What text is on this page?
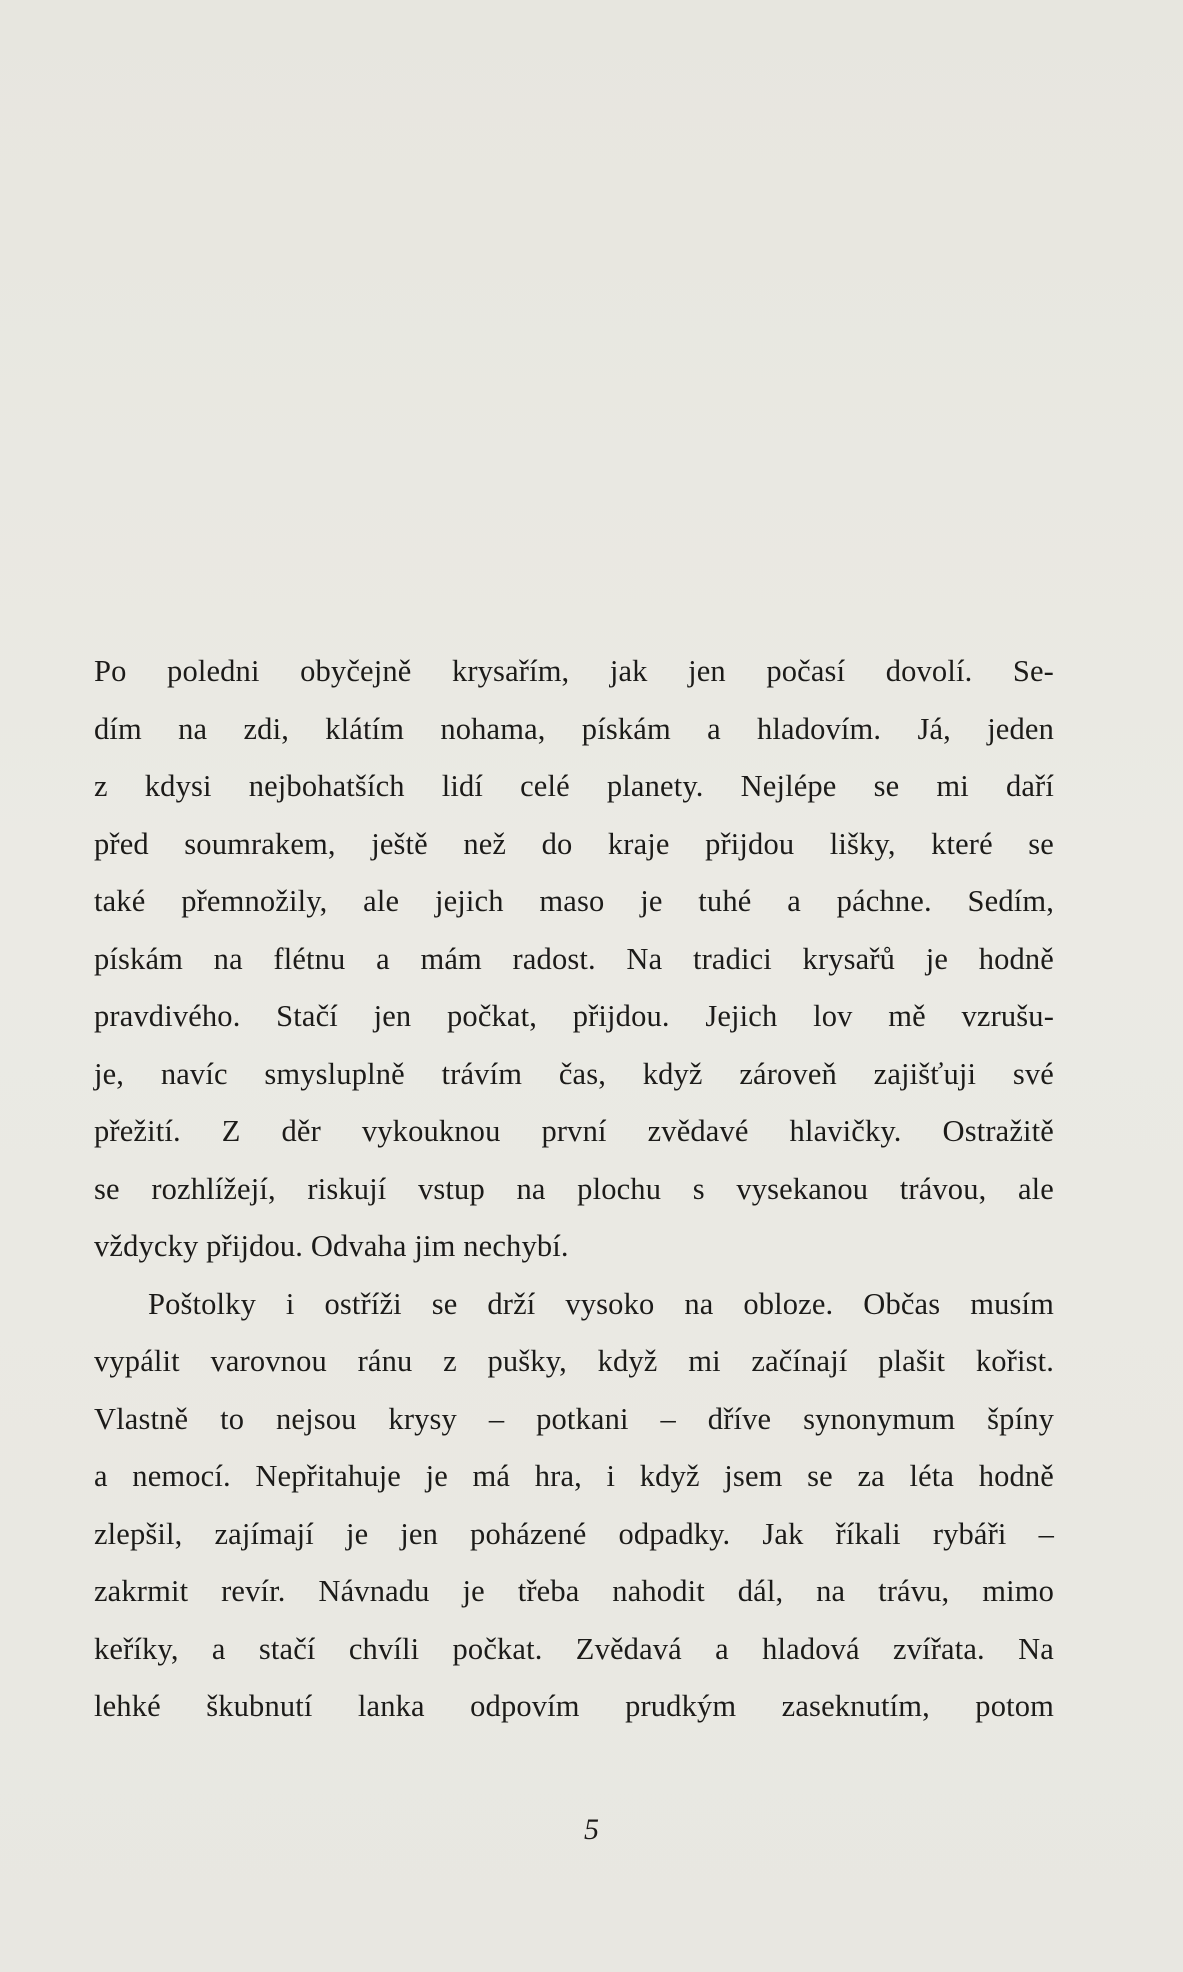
Po poledni obyčejně krysařím, jak jen počasí dovolí. Se-
dím na zdi, klátím nohama, pískám a hladovím. Já, jeden
z kdysi nejbohatších lidí celé planety. Nejlépe se mi daří
před soumrakem, ještě než do kraje přijdou lišky, které se
také přemnožily, ale jejich maso je tuhé a páchne. Sedím,
pískám na flétnu a mám radost. Na tradici krysařů je hodně
pravdivého. Stačí jen počkat, přijdou. Jejich lov mě vzrušu-
je, navíc smysluplně trávím čas, když zároveň zajišťuji své
přežití. Z děr vykouknou první zvědavé hlavičky. Ostražitě
se rozhlížejí, riskují vstup na plochu s vysekanou trávou, ale
vždycky přijdou. Odvaha jim nechybí.
Poštolky i ostříži se drží vysoko na obloze. Občas musím
vypálit varovnou ránu z pušky, když mi začínají plašit kořist.
Vlastně to nejsou krysy – potkani – dříve synonymum špíny
a nemocí. Nepřitahuje je má hra, i když jsem se za léta hodně
zlepšil, zajímají je jen poházené odpadky. Jak říkali rybáři –
zakrmit revír. Návnadu je třeba nahodit dál, na trávu, mimo
keříky, a stačí chvíli počkat. Zvědavá a hladová zvířata. Na
lehké škubnutí lanka odpovím prudkým zaseknutím, potom
5
